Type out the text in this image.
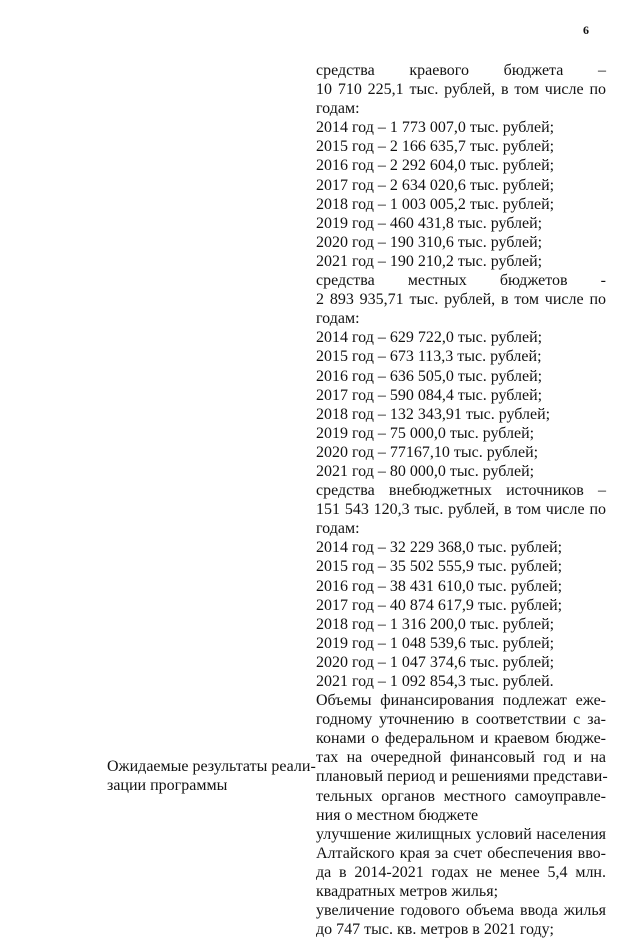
6
Ожидаемые результаты реали-
зации программы
средства краевого бюджета –
10 710 225,1 тыс. рублей, в том числе по
годам:
2014 год – 1 773 007,0 тыс. рублей;
2015 год – 2 166 635,7 тыс. рублей;
2016 год – 2 292 604,0 тыс. рублей;
2017 год – 2 634 020,6 тыс. рублей;
2018 год – 1 003 005,2 тыс. рублей;
2019 год – 460 431,8 тыс. рублей;
2020 год – 190 310,6 тыс. рублей;
2021 год – 190 210,2 тыс. рублей;
средства местных бюджетов -
2 893 935,71 тыс. рублей, в том числе по
годам:
2014 год – 629 722,0 тыс. рублей;
2015 год – 673 113,3 тыс. рублей;
2016 год – 636 505,0 тыс. рублей;
2017 год – 590 084,4 тыс. рублей;
2018 год – 132 343,91 тыс. рублей;
2019 год – 75 000,0 тыс. рублей;
2020 год – 77167,10 тыс. рублей;
2021 год – 80 000,0 тыс. рублей;
средства внебюджетных источников –
151 543 120,3 тыс. рублей, в том числе по
годам:
2014 год – 32 229 368,0 тыс. рублей;
2015 год – 35 502 555,9 тыс. рублей;
2016 год – 38 431 610,0 тыс. рублей;
2017 год – 40 874 617,9 тыс. рублей;
2018 год – 1 316 200,0 тыс. рублей;
2019 год – 1 048 539,6 тыс. рублей;
2020 год – 1 047 374,6 тыс. рублей;
2021 год – 1 092 854,3 тыс. рублей.
Объемы финансирования подлежат еже-
годному уточнению в соответствии с за-
конами о федеральном и краевом бюдже-
тах на очередной финансовый год и на
плановый период и решениями представи-
тельных органов местного самоуправле-
ния о местном бюджете
улучшение жилищных условий населения
Алтайского края за счет обеспечения вво-
да в 2014-2021 годах не менее 5,4 млн.
квадратных метров жилья;
увеличение годового объема ввода жилья
до 747 тыс. кв. метров в 2021 году;
